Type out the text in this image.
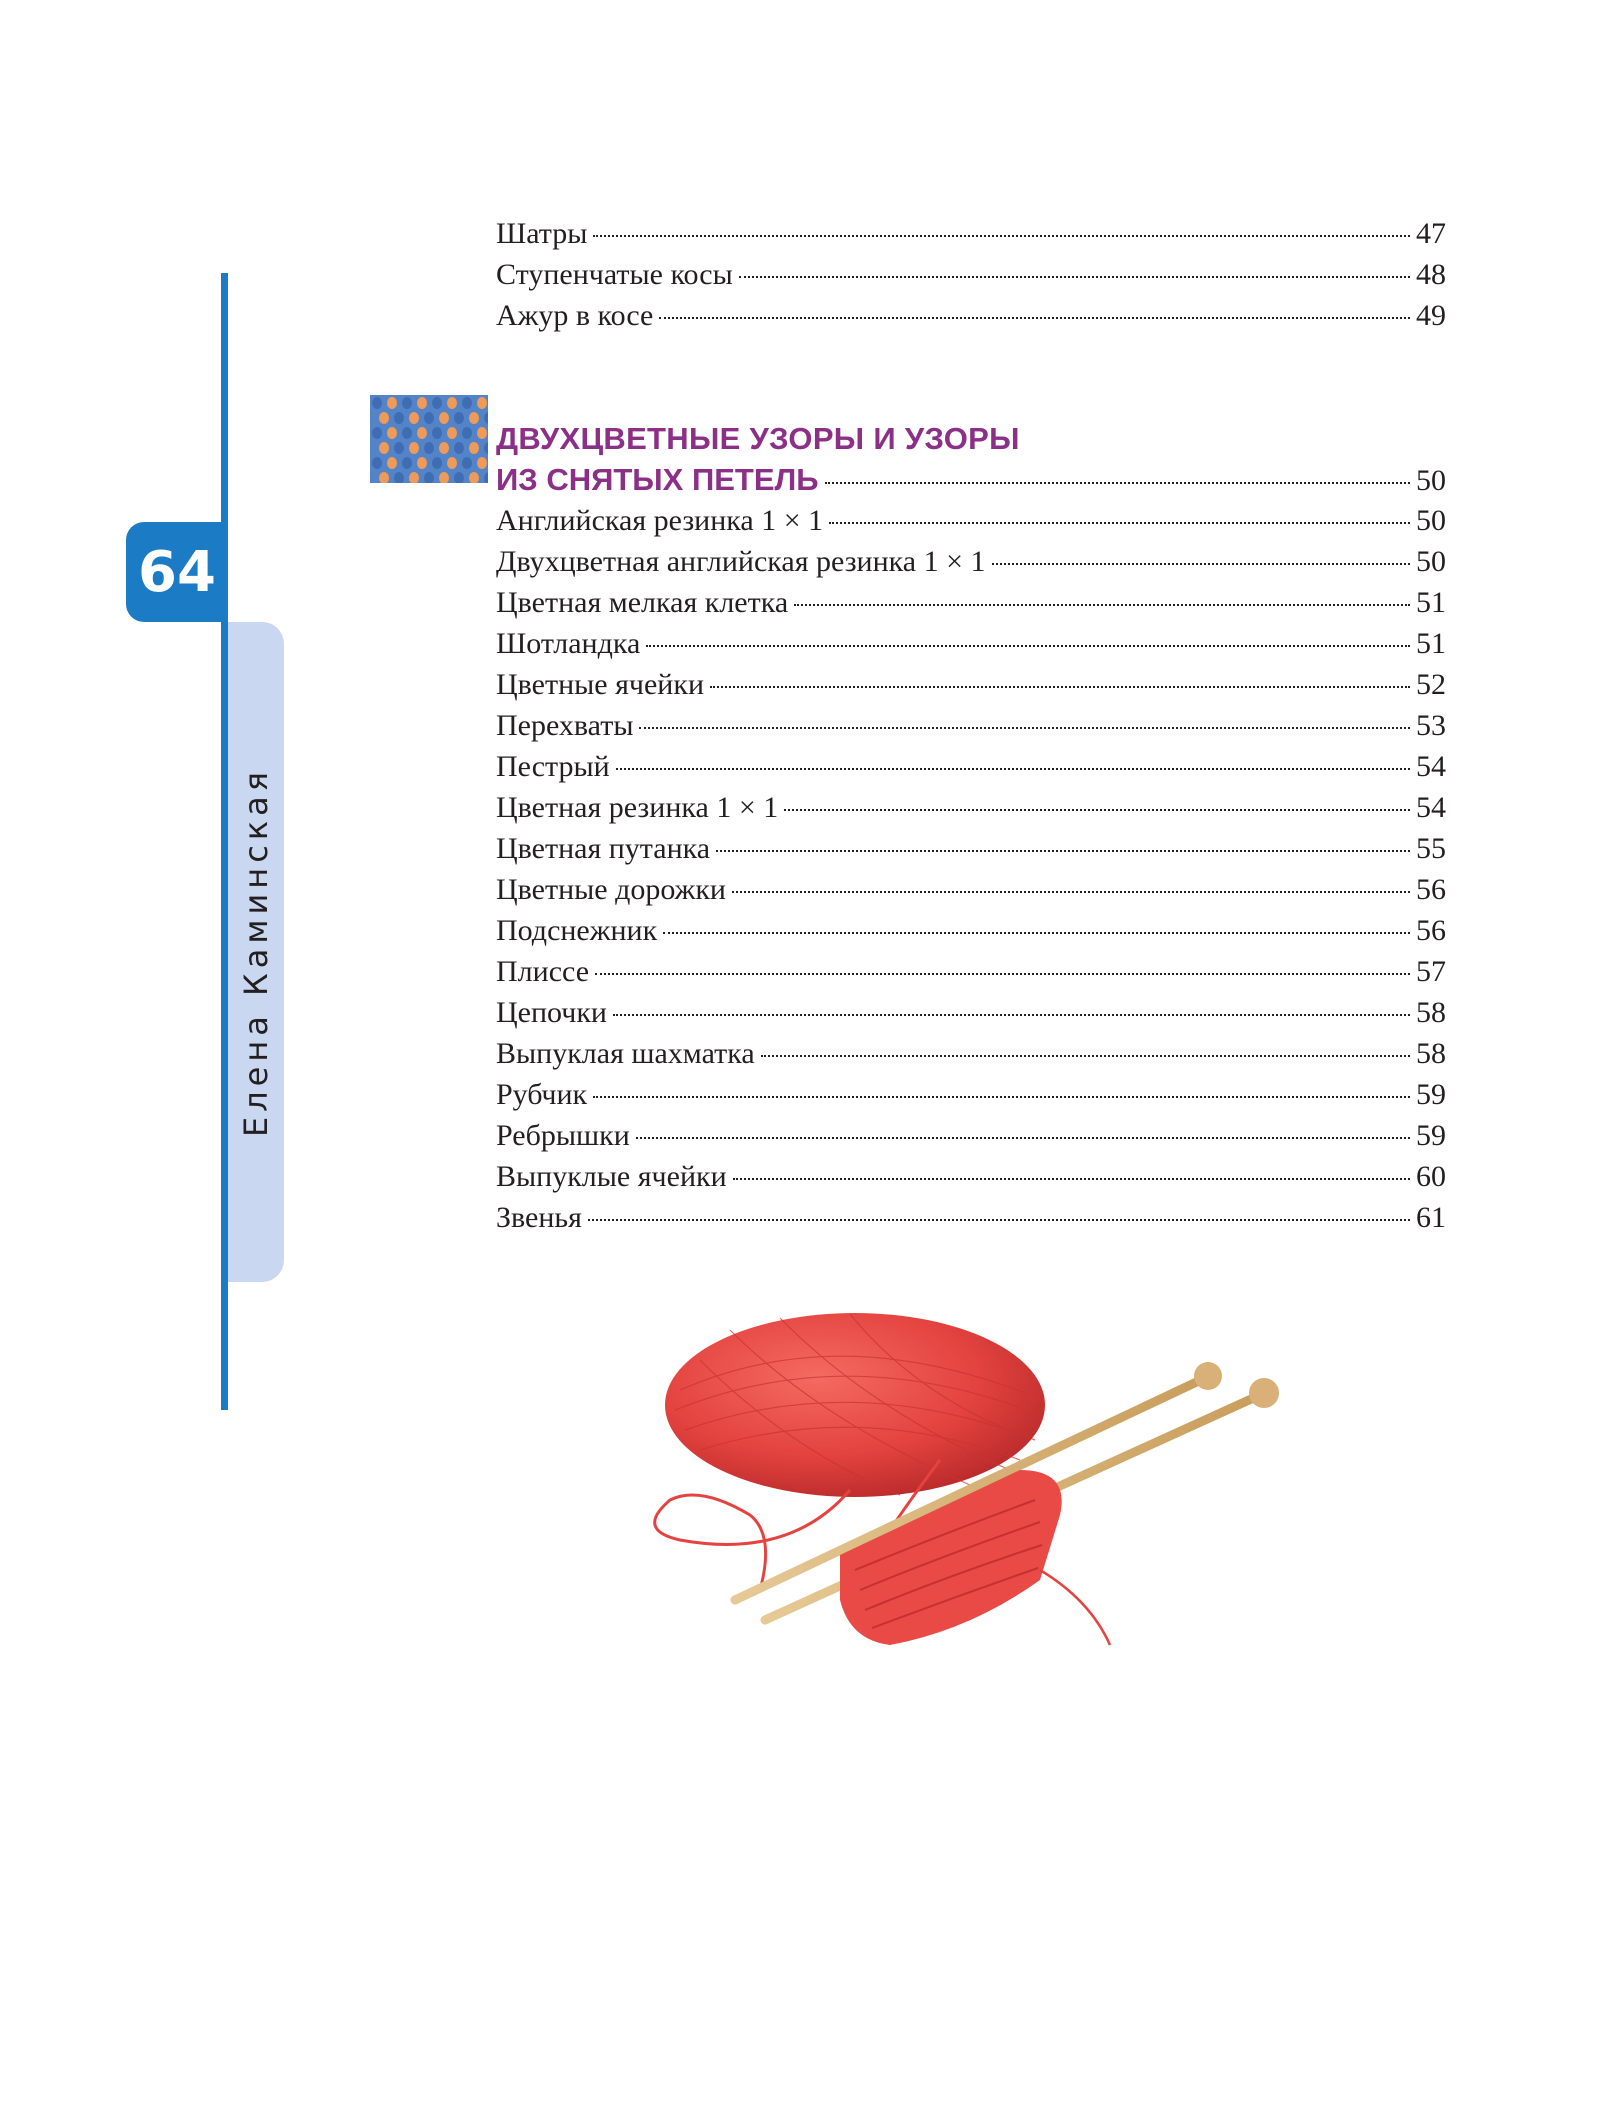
64
Елена Каминская
Шатры	47
Ступенчатые косы	48
Ажур в косе	49
ДВУХЦВЕТНЫЕ УЗОРЫ И УЗОРЫ
ИЗ СНЯТЫХ ПЕТЕЛЬ	50
Английская резинка 1 × 1	50
Двухцветная английская резинка 1 × 1	50
Цветная мелкая клетка	51
Шотландка	51
Цветные ячейки	52
Перехваты	53
Пестрый	54
Цветная резинка 1 × 1	54
Цветная путанка	55
Цветные дорожки	56
Подснежник	56
Плиссе	57
Цепочки	58
Выпуклая шахматка	58
Рубчик	59
Ребрышки	59
Выпуклые ячейки	60
Звенья	61
